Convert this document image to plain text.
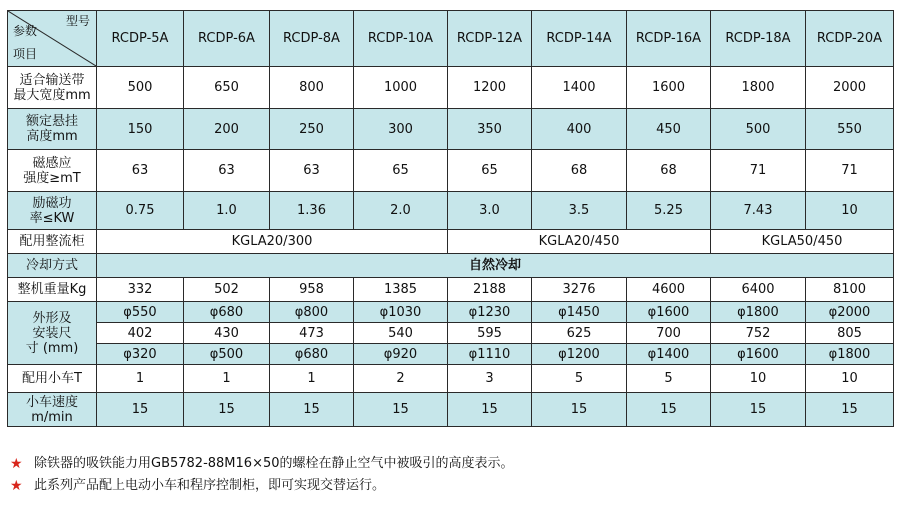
型号
参数
项目	RCDP-5A	RCDP-6A	RCDP-8A	RCDP-10A	RCDP-12A	RCDP-14A	RCDP-16A	RCDP-18A	RCDP-20A
适合输送带
最大宽度mm	500	650	800	1000	1200	1400	1600	1800	2000
额定悬挂
高度mm	150	200	250	300	350	400	450	500	550
磁感应
强度≥mT	63	63	63	65	65	68	68	71	71
励磁功
率≤KW	0.75	1.0	1.36	2.0	3.0	3.5	5.25	7.43	10
配用整流柜	KGLA20/300				KGLA20/450			KGLA50/450	
冷却方式	自然冷却								
整机重量Kg	332	502	958	1385	2188	3276	4600	6400	8100
外形及
安装尺
寸 (mm)	φ550	φ680	φ800	φ1030	φ1230	φ1450	φ1600	φ1800	φ2000
	402	430	473	540	595	625	700	752	805
	φ320	φ500	φ680	φ920	φ1110	φ1200	φ1400	φ1600	φ1800
配用小车T	1	1	1	2	3	5	5	10	10
小车速度
m/min	15	15	15	15	15	15	15	15	15
★ 除铁器的吸铁能力用GB5782-88M16×50的螺栓在静止空气中被吸引的高度表示。
★ 此系列产品配上电动小车和程序控制柜，即可实现交替运行。
